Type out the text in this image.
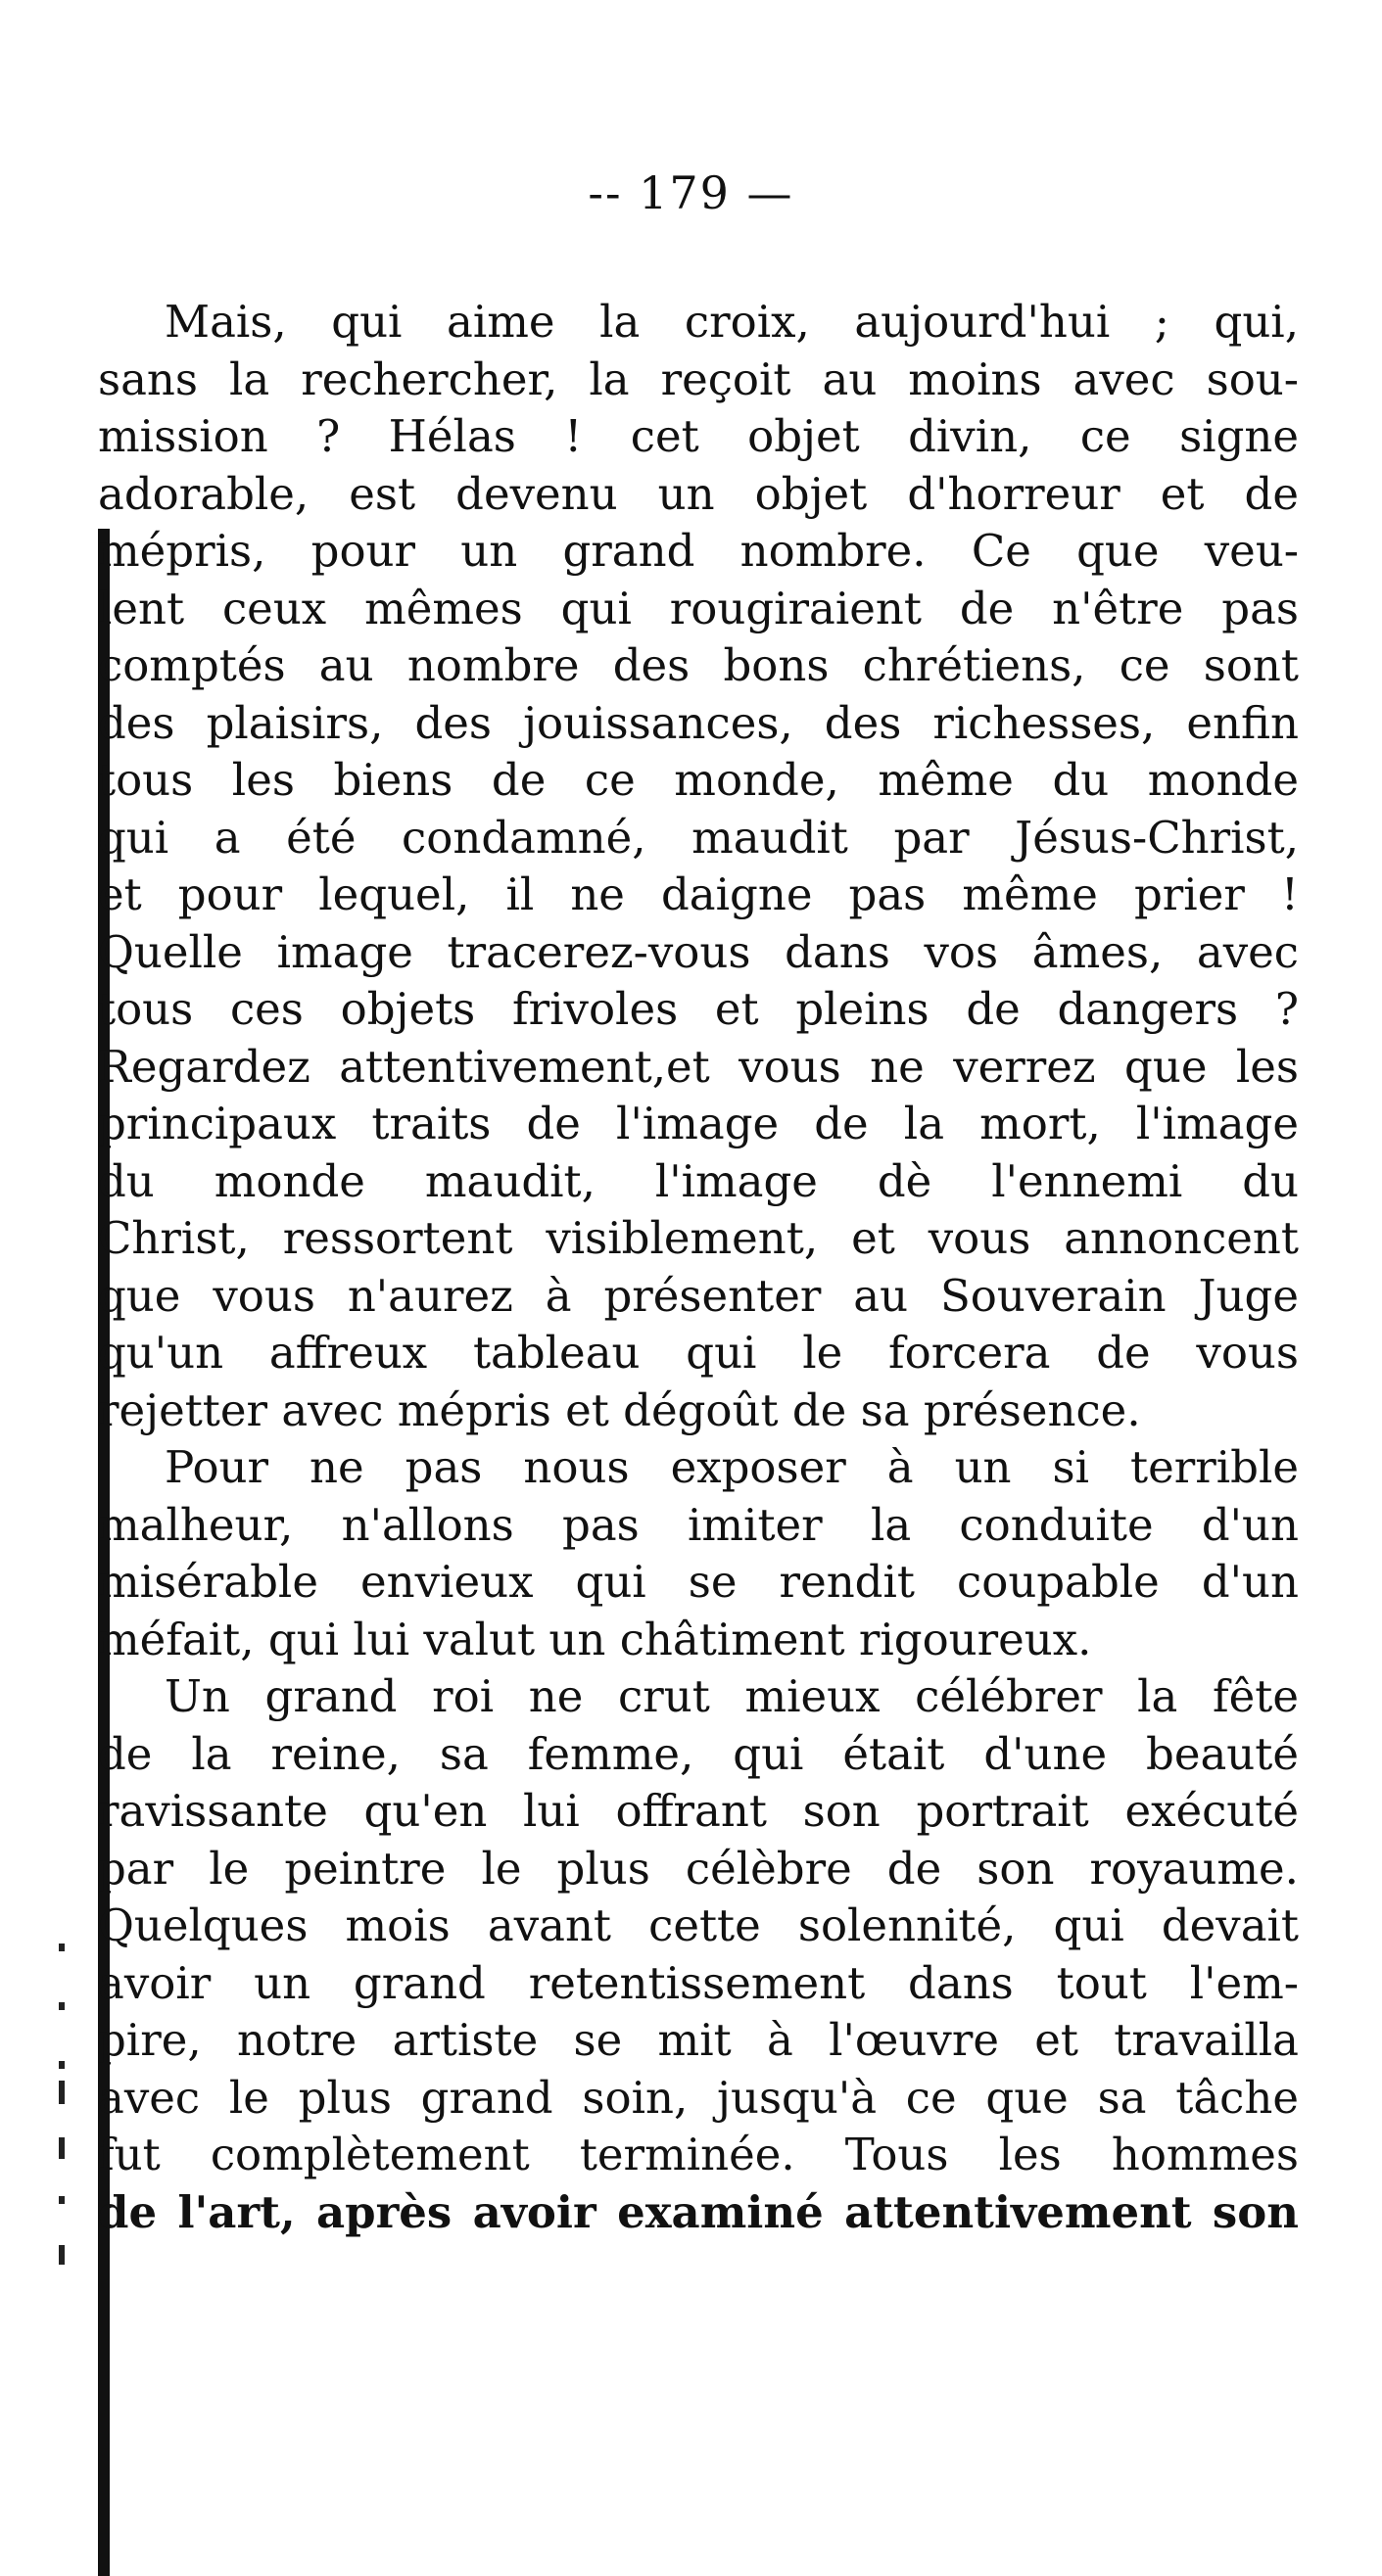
-- 179 —
Mais, qui aime la croix, aujourd'hui ; qui,
sans la rechercher, la reçoit au moins avec sou-
mission ? Hélas ! cet objet divin, ce signe
adorable, est devenu un objet d'horreur et de
mépris, pour un grand nombre. Ce que veu-
lent ceux mêmes qui rougiraient de n'être pas
comptés au nombre des bons chrétiens, ce sont
des plaisirs, des jouissances, des richesses, enfin
tous les biens de ce monde, même du monde
qui a été condamné, maudit par Jésus-Christ,
et pour lequel, il ne daigne pas même prier !
Quelle image tracerez-vous dans vos âmes, avec
tous ces objets frivoles et pleins de dangers ?
Regardez attentivement,et vous ne verrez que les
principaux traits de l'image de la mort, l'image
du monde maudit, l'image dè l'ennemi du
Christ, ressortent visiblement, et vous annoncent
que vous n'aurez à présenter au Souverain Juge
qu'un affreux tableau qui le forcera de vous
rejetter avec mépris et dégoût de sa présence.
Pour ne pas nous exposer à un si terrible
malheur, n'allons pas imiter la conduite d'un
misérable envieux qui se rendit coupable d'un
méfait, qui lui valut un châtiment rigoureux.
Un grand roi ne crut mieux célébrer la fête
de la reine, sa femme, qui était d'une beauté
ravissante qu'en lui offrant son portrait exécuté
par le peintre le plus célèbre de son royaume.
Quelques mois avant cette solennité, qui devait
avoir un grand retentissement dans tout l'em-
pire, notre artiste se mit à l'œuvre et travailla
avec le plus grand soin, jusqu'à ce que sa tâche
fut complètement terminée. Tous les hommes
de l'art, après avoir examiné attentivement son
